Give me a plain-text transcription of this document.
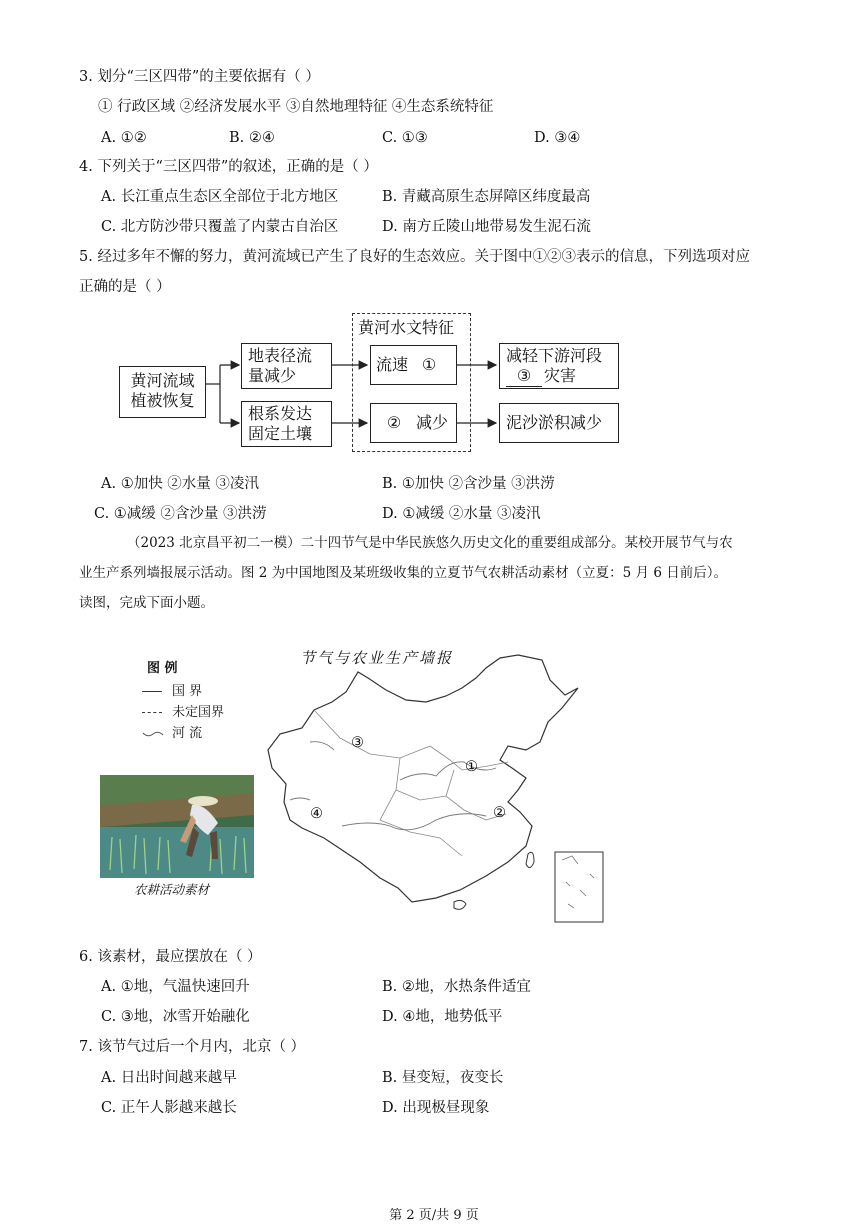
3. 划分“三区四带”的主要依据有（ ）
① 行政区域 ②经济发展水平 ③自然地理特征 ④生态系统特征
A. ①②	B. ②④	C. ①③	D. ③④
4. 下列关于“三区四带”的叙述，正确的是（ ）
A. 长江重点生态区全部位于北方地区	B. 青藏高原生态屏障区纬度最高
C. 北方防沙带只覆盖了内蒙古自治区	D. 南方丘陵山地带易发生泥石流
5. 经过多年不懈的努力，黄河流域已产生了良好的生态效应。关于图中①②③表示的信息，下列选项对应
正确的是（ ）
黄河流域
植被恢复
地表径流
量减少
根系发达
固定土壤
黄河水文特征
流速 ①
② 减少
减轻下游河段
③ 灾害
泥沙淤积减少
A. ①加快 ②水量 ③凌汛	B. ①加快 ②含沙量 ③洪涝
C. ①减缓 ②含沙量 ③洪涝	D. ①减缓 ②水量 ③凌汛
（2023 北京昌平初二一模）二十四节气是中华民族悠久历史文化的重要组成部分。某校开展节气与农
业生产系列墙报展示活动。图 2 为中国地图及某班级收集的立夏节气农耕活动素材（立夏：5 月 6 日前后）。
读图，完成下面小题。
图 例
国 界
未定国界
河 流
节气与农业生产墙报
农耕活动素材
①
②
③
④
6. 该素材，最应摆放在（ ）
A. ①地，气温快速回升	B. ②地，水热条件适宜
C. ③地，冰雪开始融化	D. ④地，地势低平
7. 该节气过后一个月内，北京（ ）
A. 日出时间越来越早	B. 昼变短，夜变长
C. 正午人影越来越长	D. 出现极昼现象
第 2 页/共 9 页
